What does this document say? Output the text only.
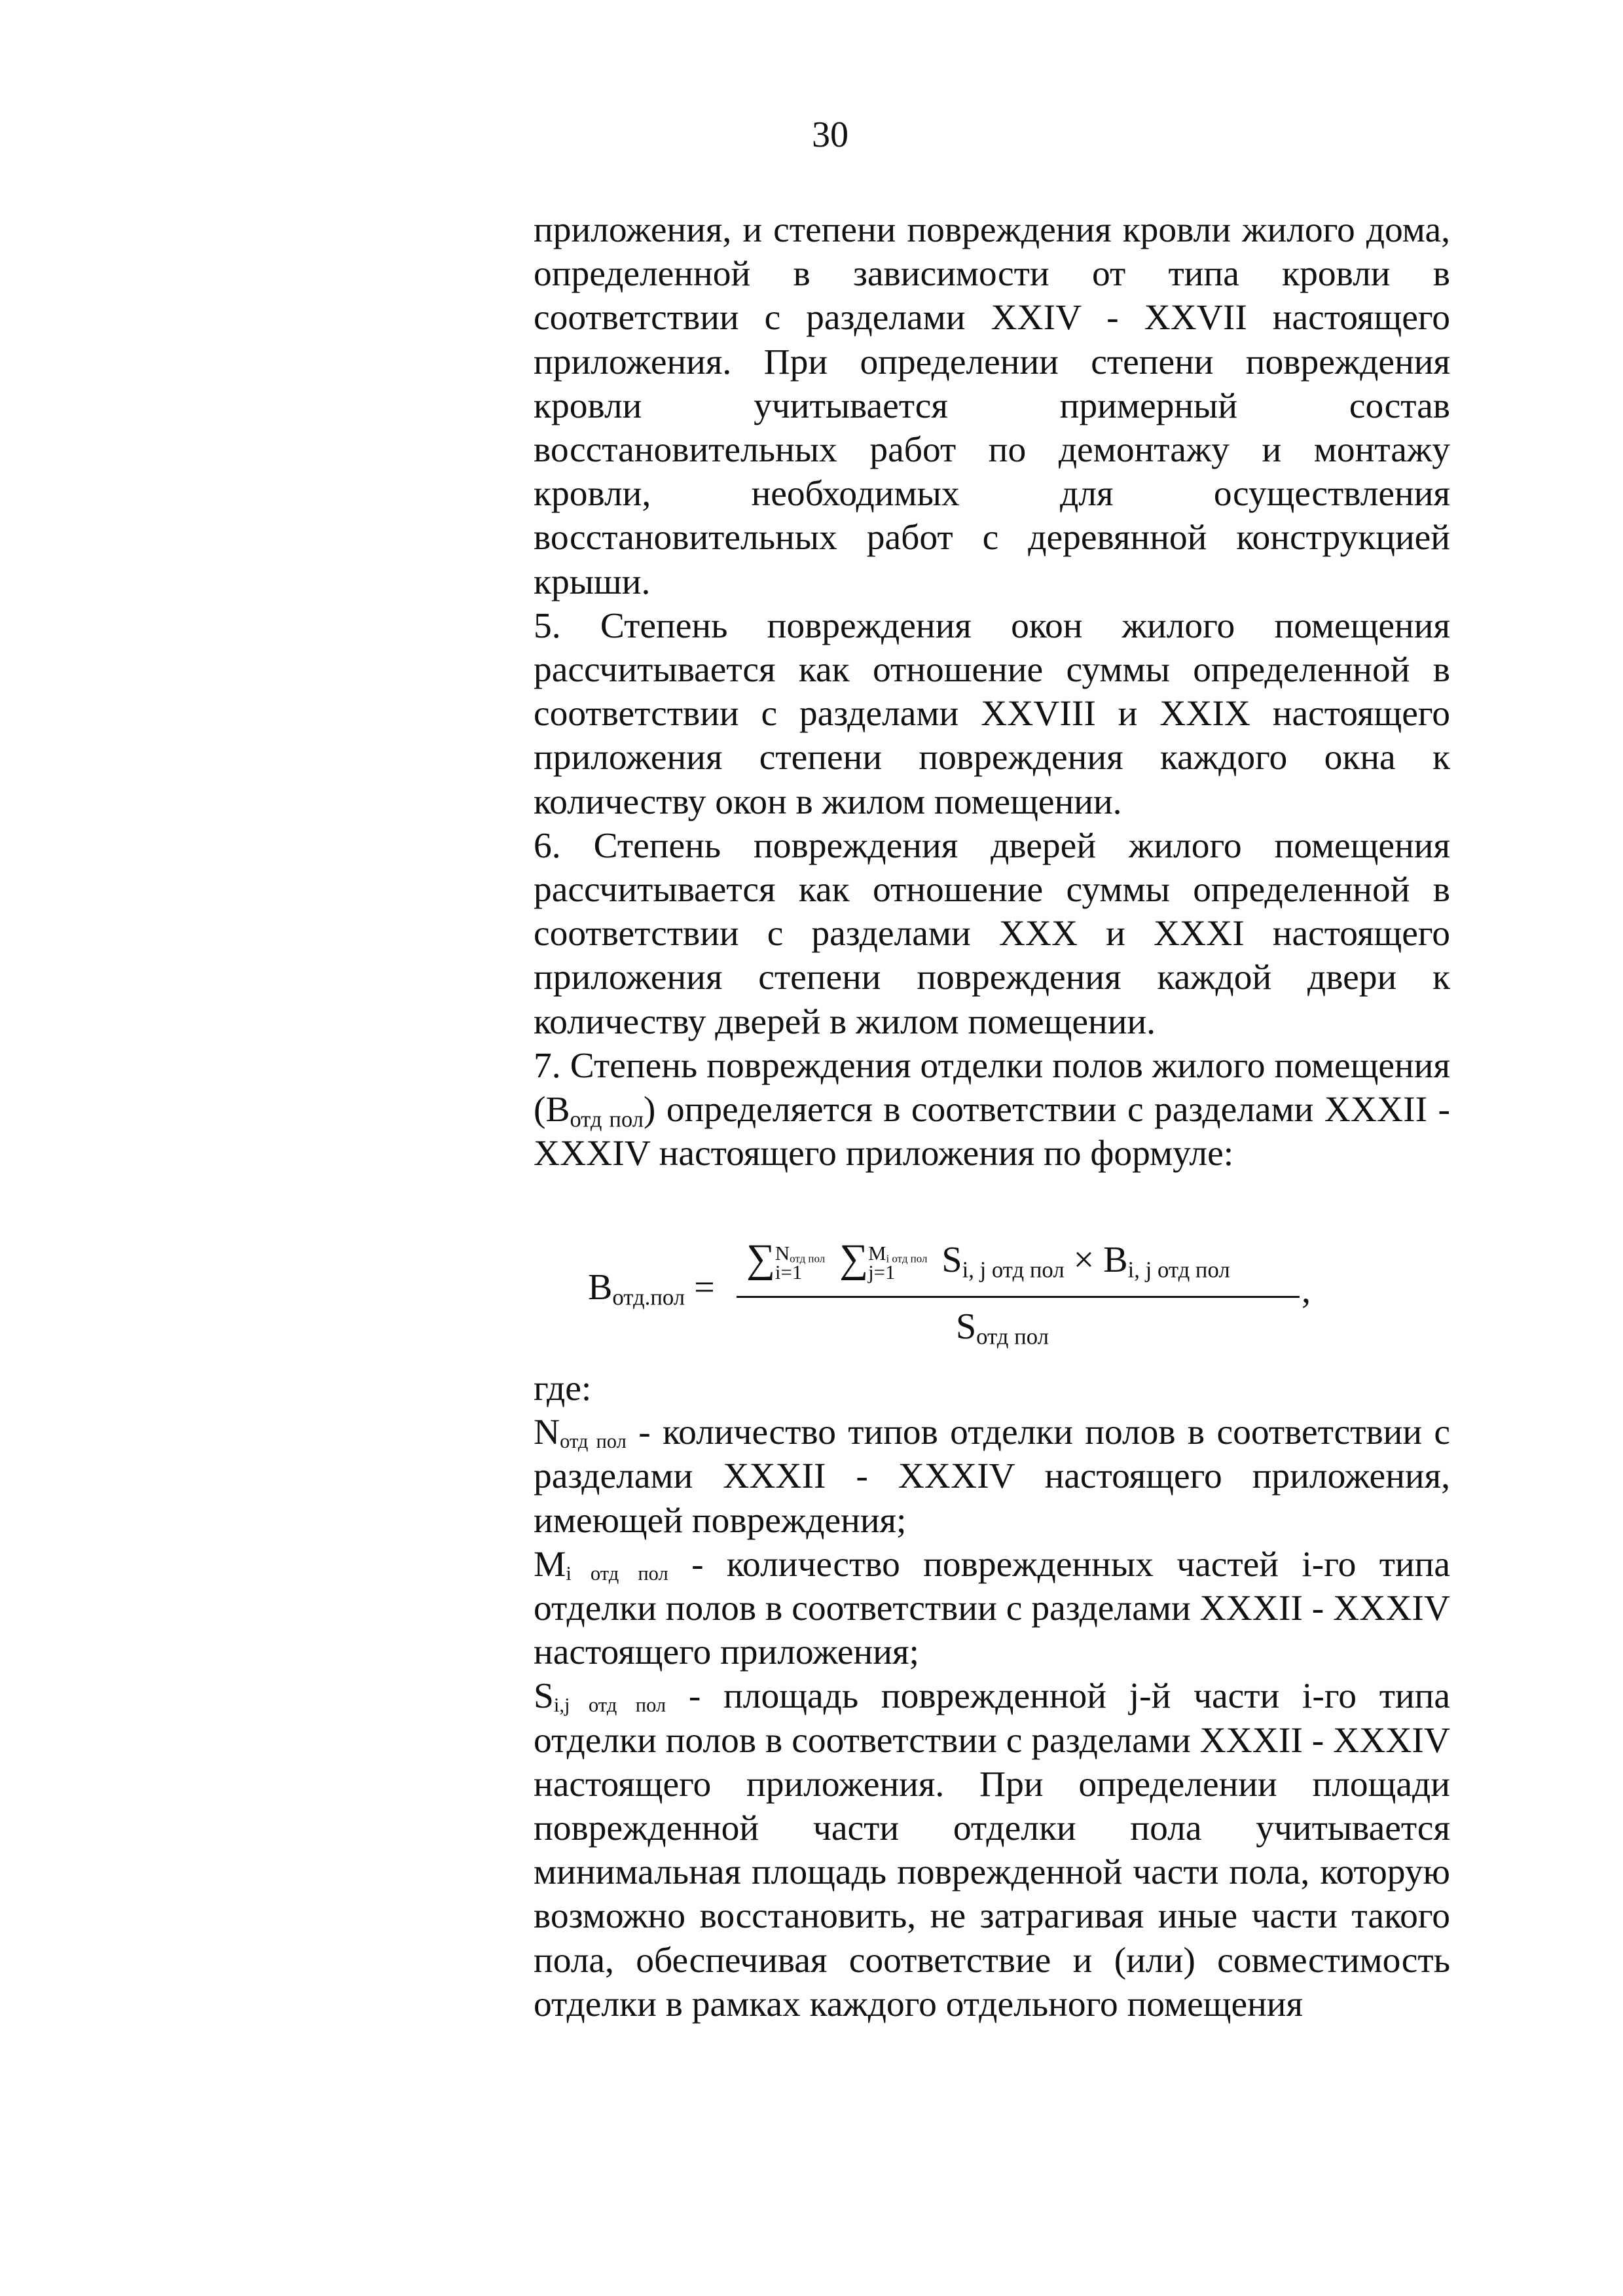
30

приложения, и степени повреждения кровли жилого дома, определенной в зависимости от типа кровли в соответствии с разделами XXIV - XXVII настоящего приложения. При определении степени повреждения кровли учитывается примерный состав восстановительных работ по демонтажу и монтажу кровли, необходимых для осуществления восстановительных работ с деревянной конструкцией крыши.

5. Степень повреждения окон жилого помещения рассчитывается как отношение суммы определенной в соответствии с разделами XXVIII и XXIX настоящего приложения степени повреждения каждого окна к количеству окон в жилом помещении.

6. Степень повреждения дверей жилого помещения рассчитывается как отношение суммы определенной в соответствии с разделами XXX и XXXI настоящего приложения степени повреждения каждой двери к количеству дверей в жилом помещении.

7. Степень повреждения отделки полов жилого помещения $(B_{отд пол})$ определяется в соответствии с разделами XXXII - XXXIV настоящего приложения по формуле:

$B_{отд.пол}$ =
∑Nотд пол
i=1 ∑Mi отд пол
j=1 $S_{i, j отд пол} \times B_{i, j отд пол}$
$S_{отд пол}$
,

где:

Nотд пол - количество типов отделки полов в соответствии с разделами XXXII - XXXIV настоящего приложения, имеющей повреждения;

Mi отд пол - количество поврежденных частей i-го типа отделки полов в соответствии с разделами XXXII - XXXIV настоящего приложения;

Si,j отд пол - площадь поврежденной j-й части i-го типа отделки полов в соответствии с разделами XXXII - XXXIV настоящего приложения. При определении площади поврежденной части отделки пола учитывается минимальная площадь поврежденной части пола, которую возможно восстановить, не затрагивая иные части такого пола, обеспечивая соответствие и (или) совместимость отделки в рамках каждого отдельного помещения
